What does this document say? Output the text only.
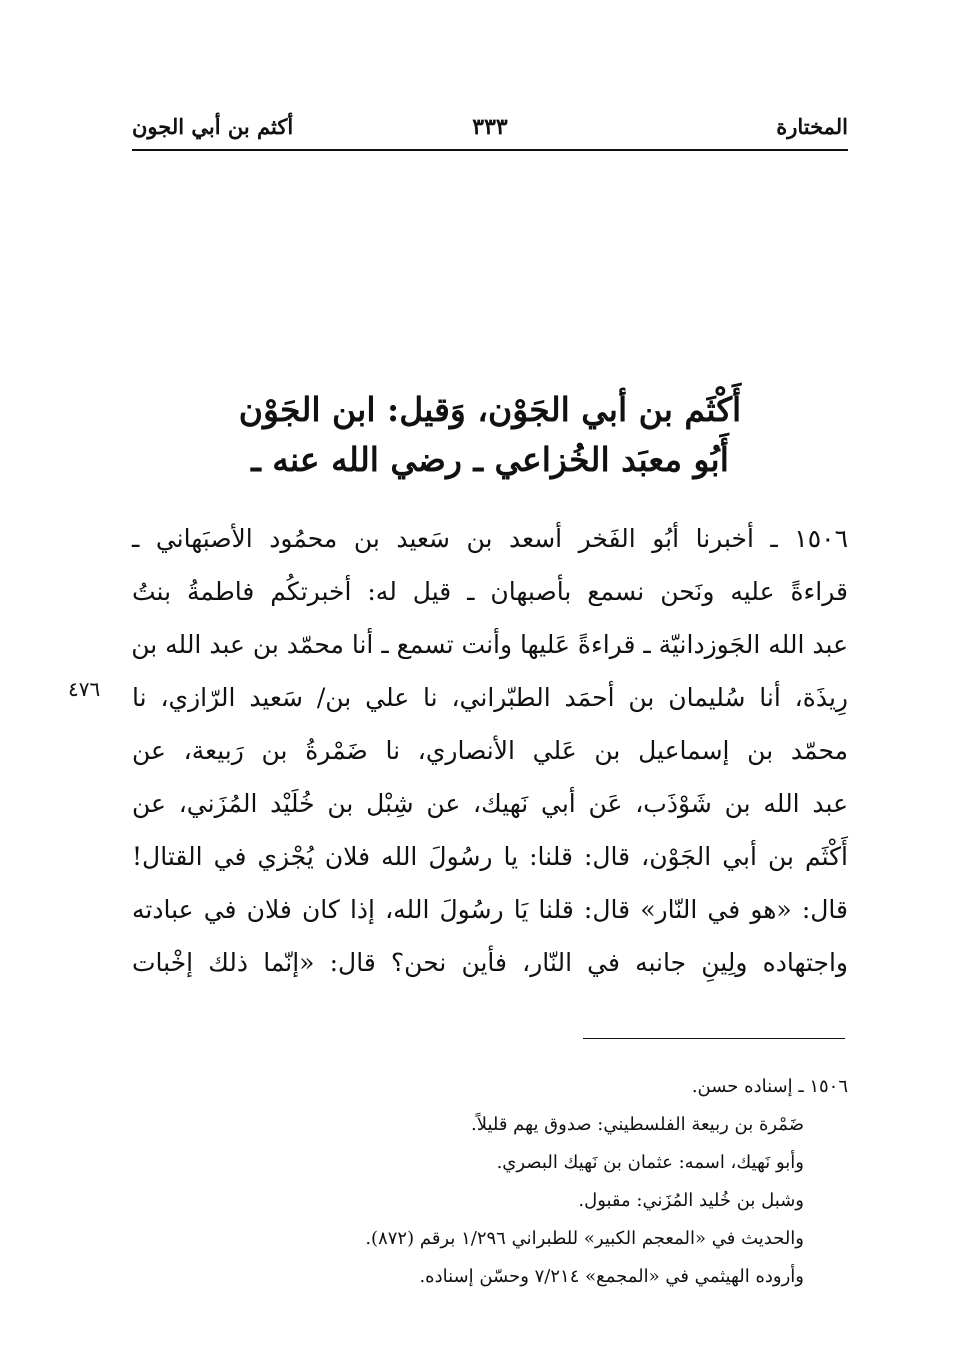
المختارة
٣٣٣
أكثم بن أبي الجون
أَكْثَم بن أبي الجَوْن، وَقيل: ابن الجَوْن
أَبُو معبَد الخُزاعي ـ رضي الله عنه ـ
١٥٠٦ ـ أخبرنا أبُو الفَخر أسعد بن سَعيد بن محمُود الأصبَهاني ـ
قراءةً عليه ونَحن نسمع بأصبهان ـ قيل له: أخبرتكُم فاطمةُ بنتُ
عبد الله الجَوزدانيّة ـ قراءةً عَليها وأنت تسمع ـ أنا محمّد بن عبد الله بن
رِيذَة، أنا سُليمان بن أحمَد الطبّراني، نا علي بن/ سَعيد الرّازي، نا
محمّد بن إسماعيل بن عَلي الأنصاري، نا ضَمْرةُ بن رَبيعة، عن
عبد الله بن شَوْذَب، عَن أبي نَهيك، عن شِبْل بن خُلَيْد المُزَني، عن
أَكْثَم بن أبي الجَوْن، قال: قلنا: يا رسُولَ الله فلان يُجْزي في القتال!
قال: «هو في النّار» قال: قلنا يَا رسُولَ الله، إذا كان فلان في عبادته
واجتهاده ولِينِ جانبه في النّار، فأين نحن؟ قال: «إنّما ذلك إخْبات
٤٧٦
١٥٠٦ ـ إسناده حسن.
ضَمْرة بن ربيعة الفلسطيني: صدوق يهم قليلاً.
وأبو نَهيك، اسمه: عثمان بن نَهيك البصري.
وشبل بن خُليد المُزَني: مقبول.
والحديث في «المعجم الكبير» للطبراني ١/٢٩٦ برقم (٨٧٢).
وأروده الهيثمي في «المجمع» ٧/٢١٤ وحسّن إسناده.
